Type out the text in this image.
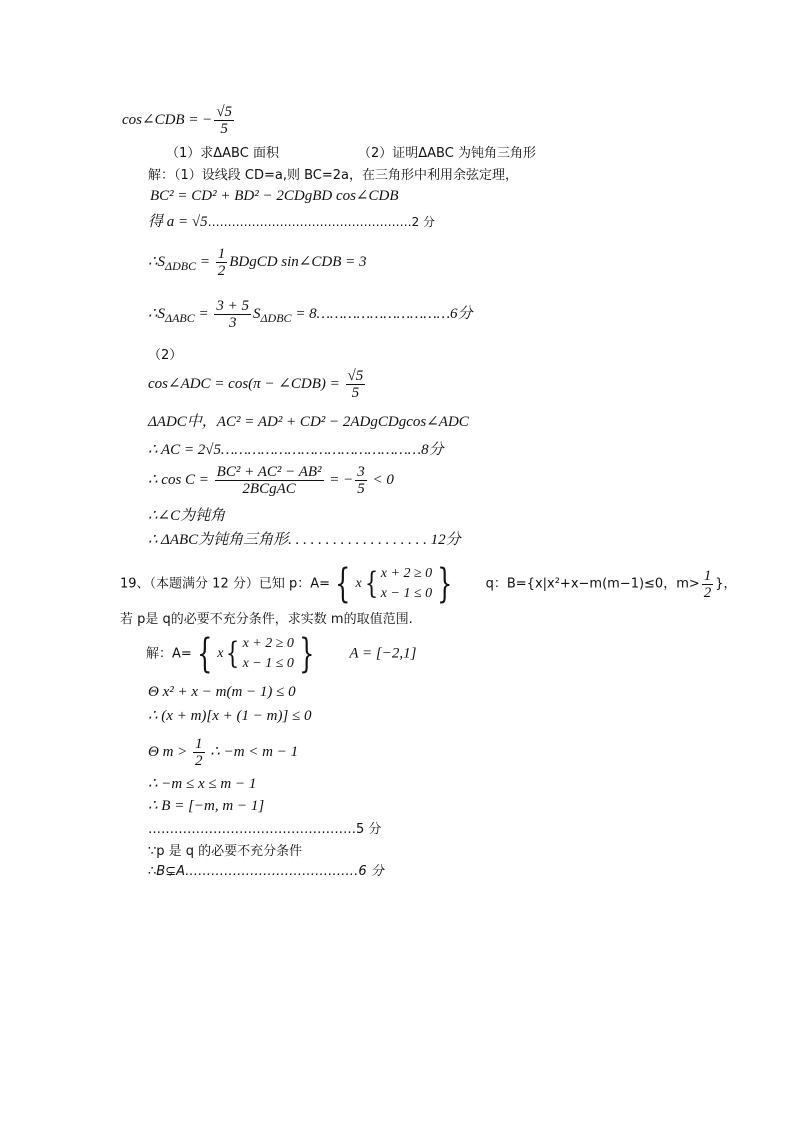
cos∠CDB = − $\frac{√5}{5}$
（1）求ΔABC 面积	（2）证明ΔABC 为钝角三角形
解：（1）设线段 CD=a,则 BC=2a，在三角形中利用余弦定理，
BC² = CD² + BD² − 2CDgBD cos∠CDB
得 a = √5……………………………………………2 分
$\therefore S_{\Delta DBC} = \frac{1}{2}$ BDgCD sin∠CDB = 3
$\therefore S_{\Delta ABC} = \frac{3 + 5}{3} S_{\Delta DBC}$ = 8…………………………6分
（2）
cos∠ADC = cos(π − ∠CDB) = $\frac{√5}{5}$
ΔADC中，AC² = AD² + CD² − 2ADgCDgcos∠ADC
∴ AC = 2√5………………………………………8分
∴ $\cos C = \frac{\text{BC² + AC² − AB²}}{\text{2BCgAC}}$ = − $\frac{3}{5} < 0$
∴∠C为钝角
∴ ΔABC为钝角三角形. . . . . . . . . . . . . . . . . . . 12分
19、（本题满分 12 分）已知 p：A= { x { x + 2 ≥ 0
x − 1 ≤ 0 }	q：B={x|x²+x−m(m−1)≤0，$m> \frac{1}{2}$ }，
若 p是 q的必要不充分条件，求实数 m的取值范围.
解：A= { x { x + 2 ≥ 0
x − 1 ≤ 0 } A = [−2,1]
Θ x² + x − m(m − 1) ≤ 0
∴ (x + m)[x + (1 − m)] ≤ 0
Θ $m > \frac{1}{2}$ ∴ −m < m − 1
∴ −m ≤ x ≤ m − 1
∴ B = [−m, m − 1]
…………………………………………5 分
∵p 是 q 的必要不充分条件
∴B⊊A.…………………………………6 分
